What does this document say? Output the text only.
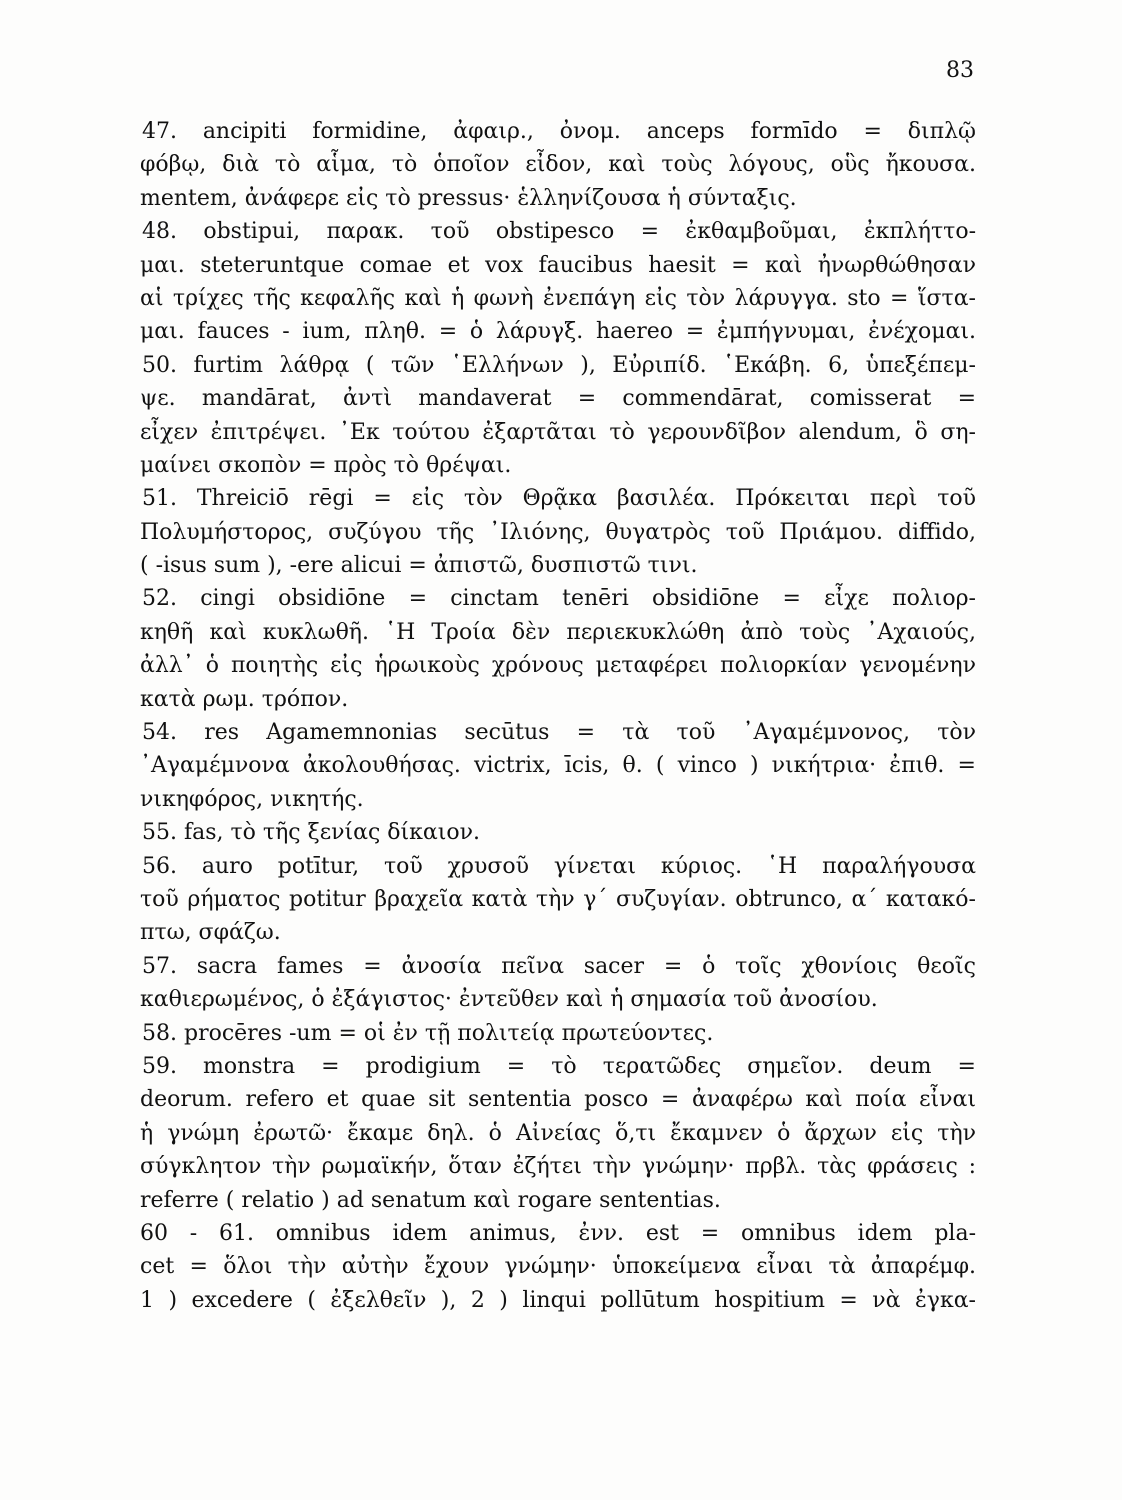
83
47. ancipiti formidine, ἀφαιρ., ὀνομ. anceps formīdo = διπλῷ
φόβῳ, διὰ τὸ αἷμα, τὸ ὁποῖον εἶδον, καὶ τοὺς λόγους, οὓς ἤκουσα.
mentem, ἀνάφερε εἰς τὸ pressus· ἑλληνίζουσα ἡ σύνταξις.
48. obstipui, παρακ. τοῦ obstipesco = ἐκθαμβοῦμαι, ἐκπλήττο-
μαι. steteruntque comae et vox faucibus haesit = καὶ ἠνωρθώθησαν
αἱ τρίχες τῆς κεφαλῆς καὶ ἡ φωνὴ ἐνεπάγη εἰς τὸν λάρυγγα. sto = ἵστα-
μαι. fauces - ium, πληθ. = ὁ λάρυγξ. haereo = ἐμπήγνυμαι, ἐνέχομαι.
50. furtim λάθρᾳ ( τῶν ῾Ελλήνων ), Εὐριπίδ. ῾Εκάβη. 6, ὑπεξέπεμ-
ψε. mandārat, ἀντὶ mandaverat = commendārat, comisserat =
εἶχεν ἐπιτρέψει. ᾿Εκ τούτου ἐξαρτᾶται τὸ γερουνδῖβον alendum, ὃ ση-
μαίνει σκοπὸν = πρὸς τὸ θρέψαι.
51. Threiciō rēgi = εἰς τὸν Θρᾷκα βασιλέα. Πρόκειται περὶ τοῦ
Πολυμήστορος, συζύγου τῆς ᾿Ιλιόνης, θυγατρὸς τοῦ Πριάμου. diffido,
( -isus sum ), -ere alicui = ἀπιστῶ, δυσπιστῶ τινι.
52. cingi obsidiōne = cinctam tenēri obsidiōne = εἶχε πολιορ-
κηθῆ καὶ κυκλωθῆ. ῾Η Τροία δὲν περιεκυκλώθη ἀπὸ τοὺς ᾿Αχαιούς,
ἀλλ᾿ ὁ ποιητὴς εἰς ἡρωικοὺς χρόνους μεταφέρει πολιορκίαν γενομένην
κατὰ ρωμ. τρόπον.
54. res Agamemnonias secūtus = τὰ τοῦ ᾿Αγαμέμνονος, τὸν
᾿Αγαμέμνονα ἀκολουθήσας. victrix, īcis, θ. ( vinco ) νικήτρια· ἐπιθ. =
νικηφόρος, νικητής.
55. fas, τὸ τῆς ξενίας δίκαιον.
56. auro potītur, τοῦ χρυσοῦ γίνεται κύριος. ῾Η παραλήγουσα
τοῦ ρήματος potitur βραχεῖα κατὰ τὴν γ΄ συζυγίαν. obtrunco, α΄ κατακό-
πτω, σφάζω.
57. sacra fames = ἀνοσία πεῖνα sacer = ὁ τοῖς χθονίοις θεοῖς
καθιερωμένος, ὁ ἐξάγιστος· ἐντεῦθεν καὶ ἡ σημασία τοῦ ἀνοσίου.
58. procēres -um = οἱ ἐν τῇ πολιτείᾳ πρωτεύοντες.
59. monstra = prodigium = τὸ τερατῶδες σημεῖον. deum =
deorum. refero et quae sit sententia posco = ἀναφέρω καὶ ποία εἶναι
ἡ γνώμη ἐρωτῶ· ἔκαμε δηλ. ὁ Αἰνείας ὅ,τι ἔκαμνεν ὁ ἄρχων εἰς τὴν
σύγκλητον τὴν ρωμαϊκήν, ὅταν ἐζήτει τὴν γνώμην· πρβλ. τὰς φράσεις :
referre ( relatio ) ad senatum καὶ rogare sententias.
60 - 61. omnibus idem animus, ἐνν. est = omnibus idem pla-
cet = ὅλοι τὴν αὐτὴν ἔχουν γνώμην· ὑποκείμενα εἶναι τὰ ἀπαρέμφ.
1 ) excedere ( ἐξελθεῖν ), 2 ) linqui pollūtum hospitium = νὰ ἐγκα-
